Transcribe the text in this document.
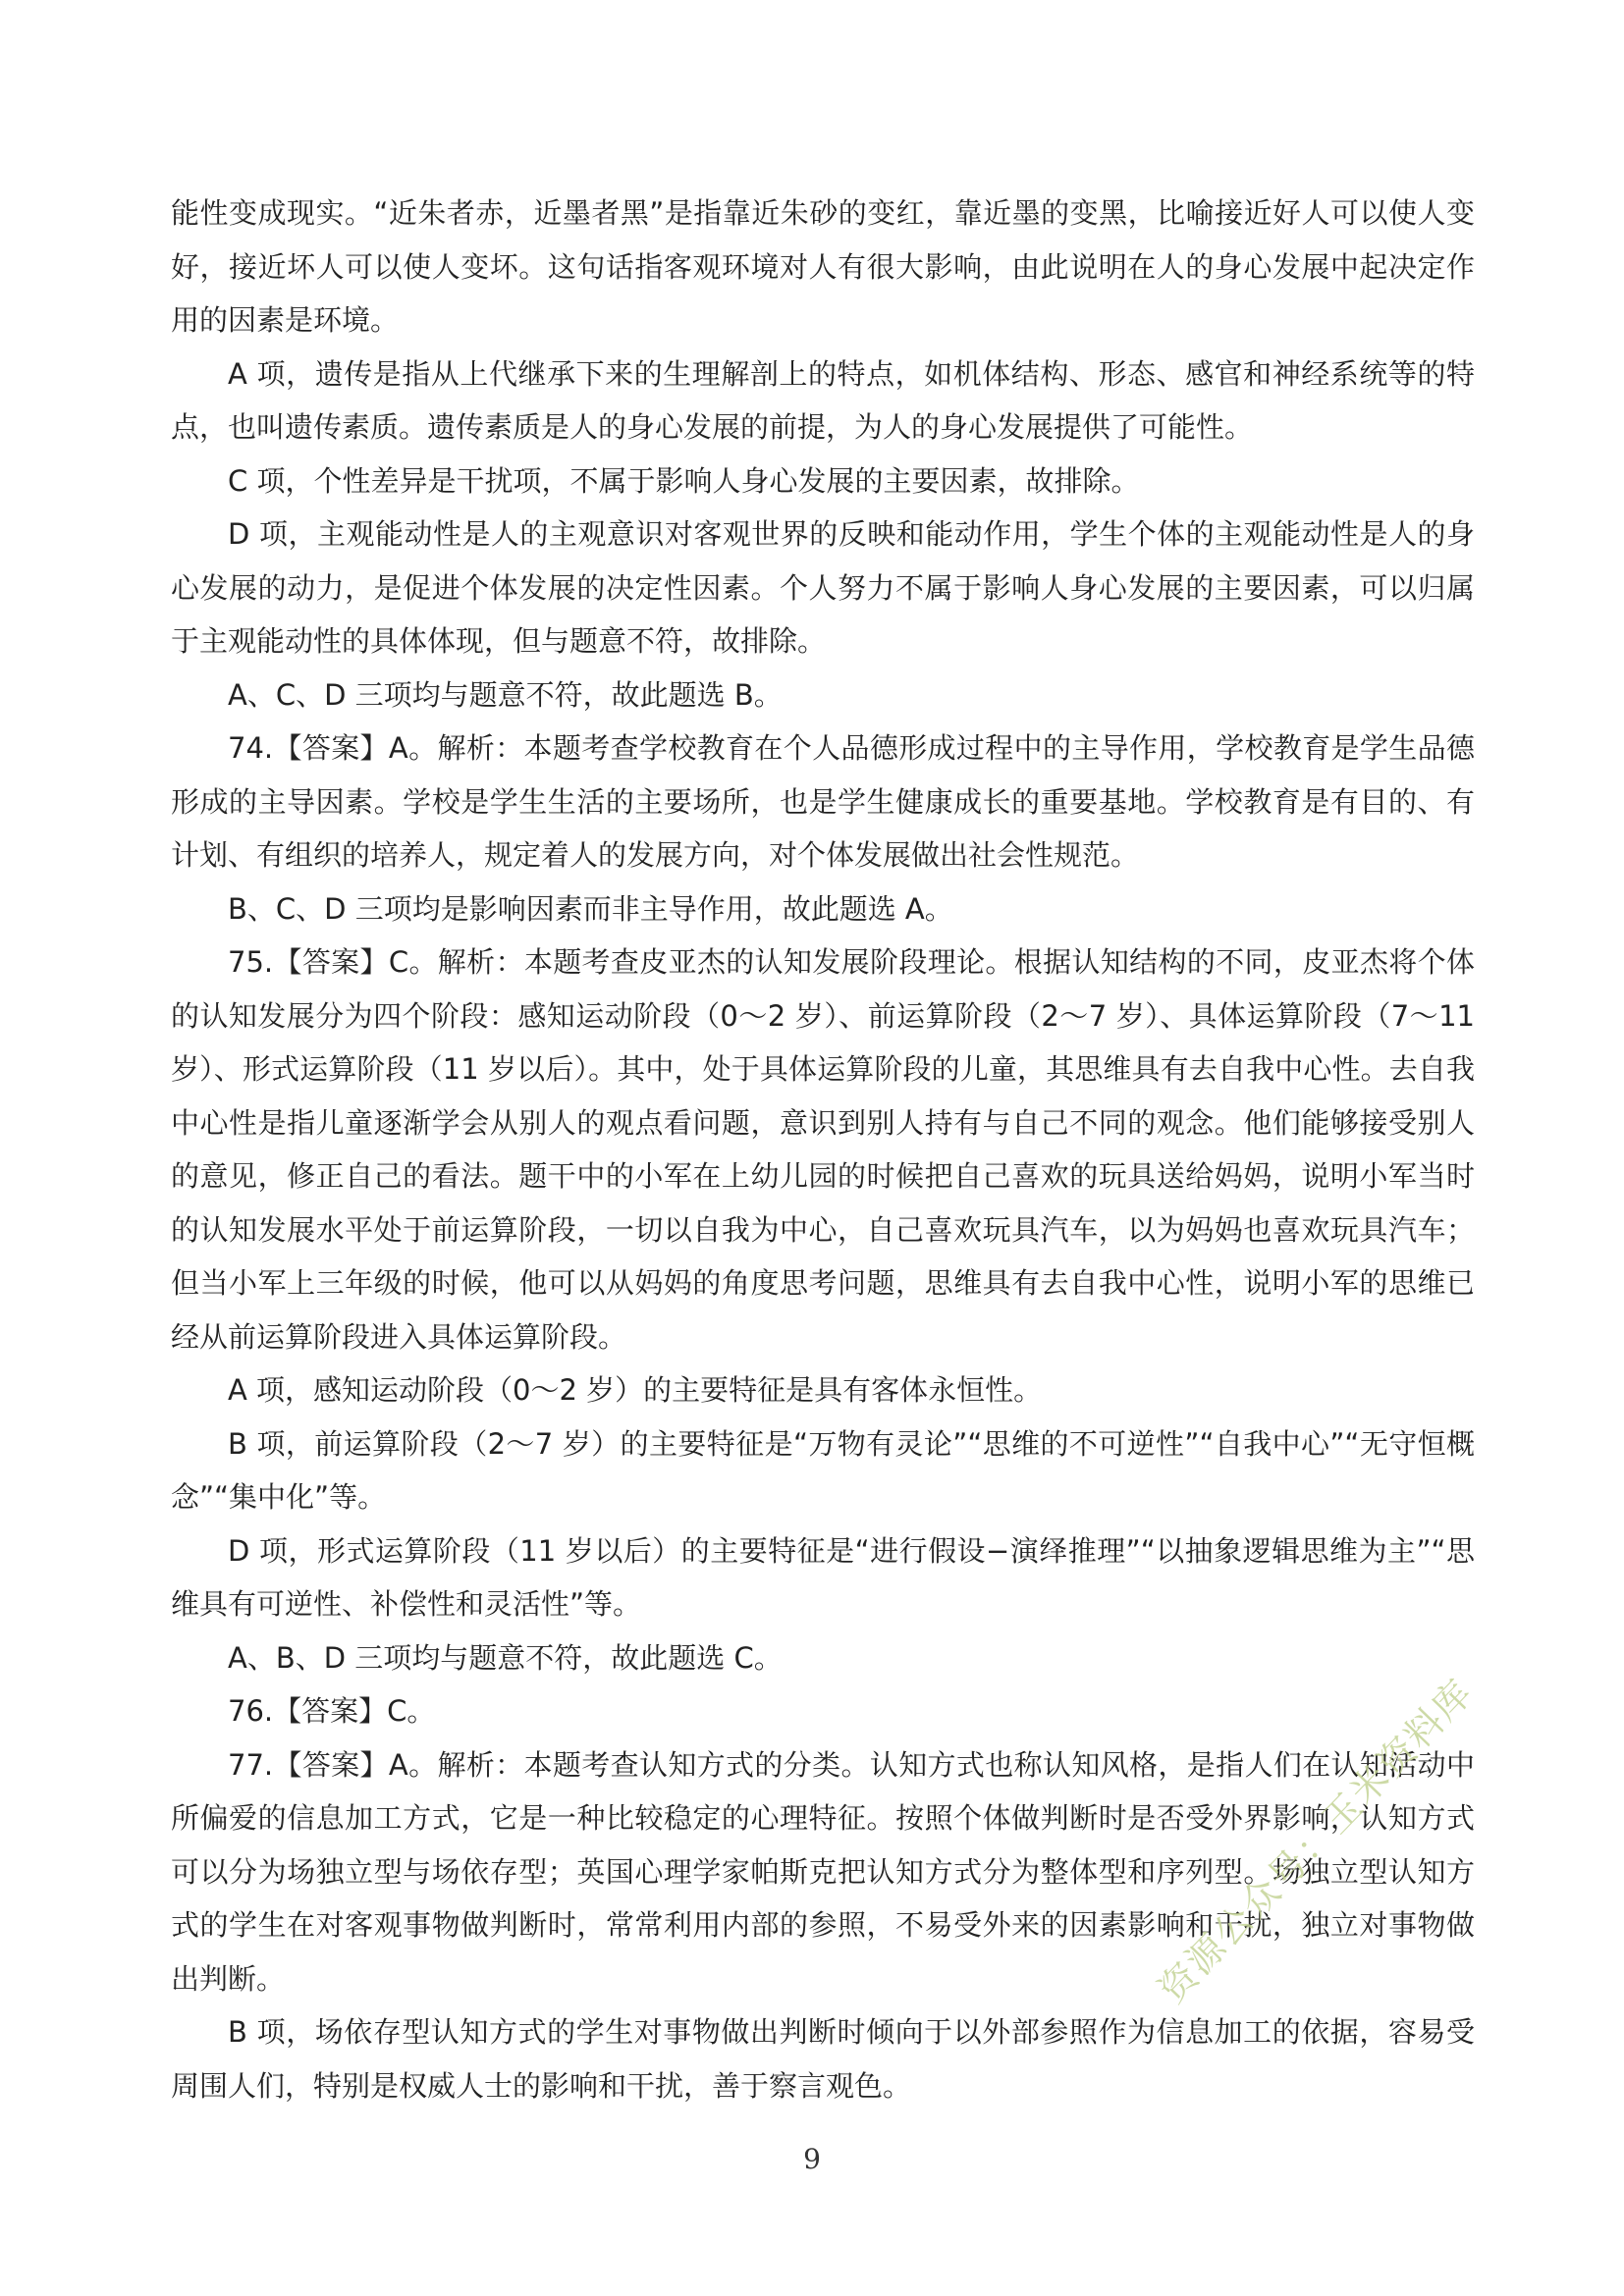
能性变成现实。“近朱者赤，近墨者黑”是指靠近朱砂的变红，靠近墨的变黑，比喻接近好人可以使人变好，接近坏人可以使人变坏。这句话指客观环境对人有很大影响，由此说明在人的身心发展中起决定作用的因素是环境。

A 项，遗传是指从上代继承下来的生理解剖上的特点，如机体结构、形态、感官和神经系统等的特点，也叫遗传素质。遗传素质是人的身心发展的前提，为人的身心发展提供了可能性。

C 项，个性差异是干扰项，不属于影响人身心发展的主要因素，故排除。

D 项，主观能动性是人的主观意识对客观世界的反映和能动作用，学生个体的主观能动性是人的身心发展的动力，是促进个体发展的决定性因素。个人努力不属于影响人身心发展的主要因素，可以归属于主观能动性的具体体现，但与题意不符，故排除。

A、C、D 三项均与题意不符，故此题选 B。

74.【答案】A。解析：本题考查学校教育在个人品德形成过程中的主导作用，学校教育是学生品德形成的主导因素。学校是学生生活的主要场所，也是学生健康成长的重要基地。学校教育是有目的、有计划、有组织的培养人，规定着人的发展方向，对个体发展做出社会性规范。

B、C、D 三项均是影响因素而非主导作用，故此题选 A。

75.【答案】C。解析：本题考查皮亚杰的认知发展阶段理论。根据认知结构的不同，皮亚杰将个体的认知发展分为四个阶段：感知运动阶段（0～2 岁）、前运算阶段（2～7 岁）、具体运算阶段（7～11 岁）、形式运算阶段（11 岁以后）。其中，处于具体运算阶段的儿童，其思维具有去自我中心性。去自我中心性是指儿童逐渐学会从别人的观点看问题，意识到别人持有与自己不同的观念。他们能够接受别人的意见，修正自己的看法。题干中的小军在上幼儿园的时候把自己喜欢的玩具送给妈妈，说明小军当时的认知发展水平处于前运算阶段，一切以自我为中心，自己喜欢玩具汽车，以为妈妈也喜欢玩具汽车；但当小军上三年级的时候，他可以从妈妈的角度思考问题，思维具有去自我中心性，说明小军的思维已经从前运算阶段进入具体运算阶段。

A 项，感知运动阶段（0～2 岁）的主要特征是具有客体永恒性。

B 项，前运算阶段（2～7 岁）的主要特征是“万物有灵论”“思维的不可逆性”“自我中心”“无守恒概念”“集中化”等。

D 项，形式运算阶段（11 岁以后）的主要特征是“进行假设−演绎推理”“以抽象逻辑思维为主”“思维具有可逆性、补偿性和灵活性”等。

A、B、D 三项均与题意不符，故此题选 C。

76.【答案】C。

77.【答案】A。解析：本题考查认知方式的分类。认知方式也称认知风格，是指人们在认知活动中所偏爱的信息加工方式，它是一种比较稳定的心理特征。按照个体做判断时是否受外界影响，认知方式可以分为场独立型与场依存型；英国心理学家帕斯克把认知方式分为整体型和序列型。场独立型认知方式的学生在对客观事物做判断时，常常利用内部的参照，不易受外来的因素影响和干扰，独立对事物做出判断。

B 项，场依存型认知方式的学生对事物做出判断时倾向于以外部参照作为信息加工的依据，容易受周围人们，特别是权威人士的影响和干扰，善于察言观色。

资源公众号：玉米资料库
9
